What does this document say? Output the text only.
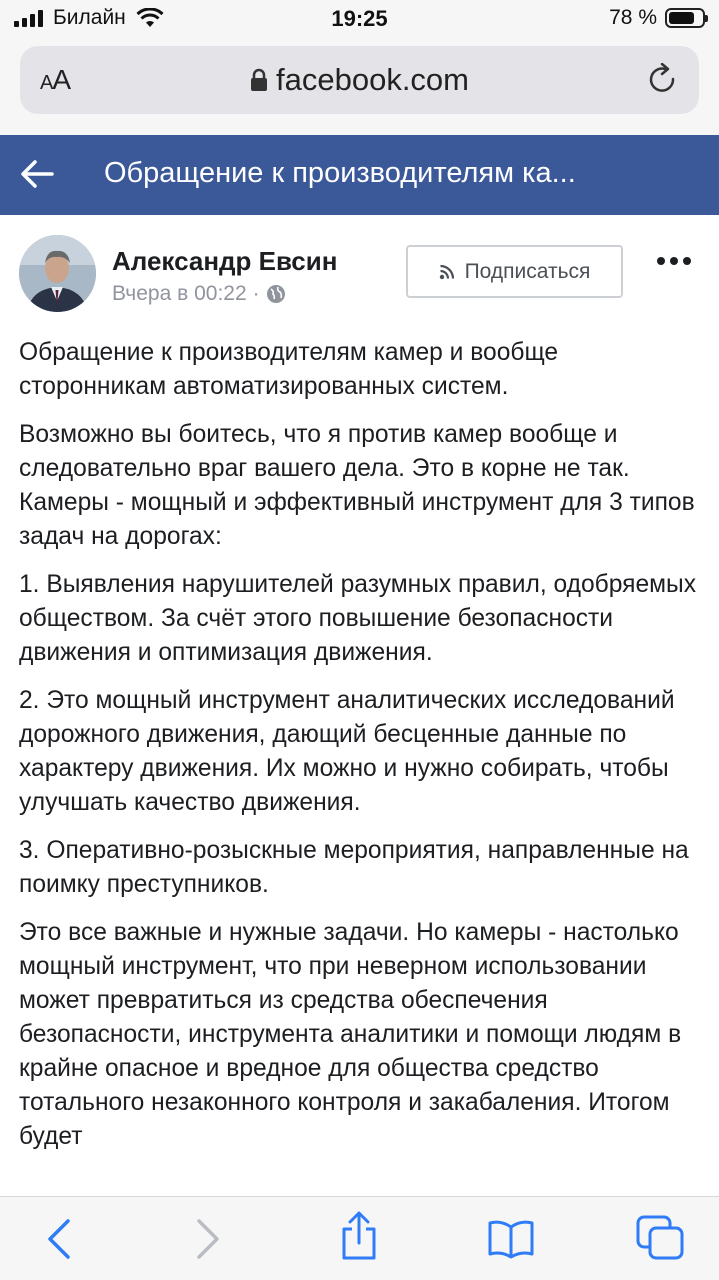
Билайн	19:25	78 %
AA	facebook.com
Обращение к производителям ка...
Александр Евсин
Вчера в 00:22 ·
Подписаться

Обращение к производителям камер и вообще сторонникам автоматизированных систем.

Возможно вы боитесь, что я против камер вообще и следовательно враг вашего дела. Это в корне не так. Камеры - мощный и эффективный инструмент для 3 типов задач на дорогах:

1. Выявления нарушителей разумных правил, одобряемых обществом. За счёт этого повышение безопасности движения и оптимизация движения.

2. Это мощный инструмент аналитических исследований дорожного движения, дающий бесценные данные по характеру движения. Их можно и нужно собирать, чтобы улучшать качество движения.

3. Оперативно-розыскные мероприятия, направленные на поимку преступников.

Это все важные и нужные задачи. Но камеры - настолько мощный инструмент, что при неверном использовании может превратиться из средства обеспечения безопасности, инструмента аналитики и помощи людям в крайне опасное и вредное для общества средство тотального незаконного контроля и закабаления. Итогом будет
